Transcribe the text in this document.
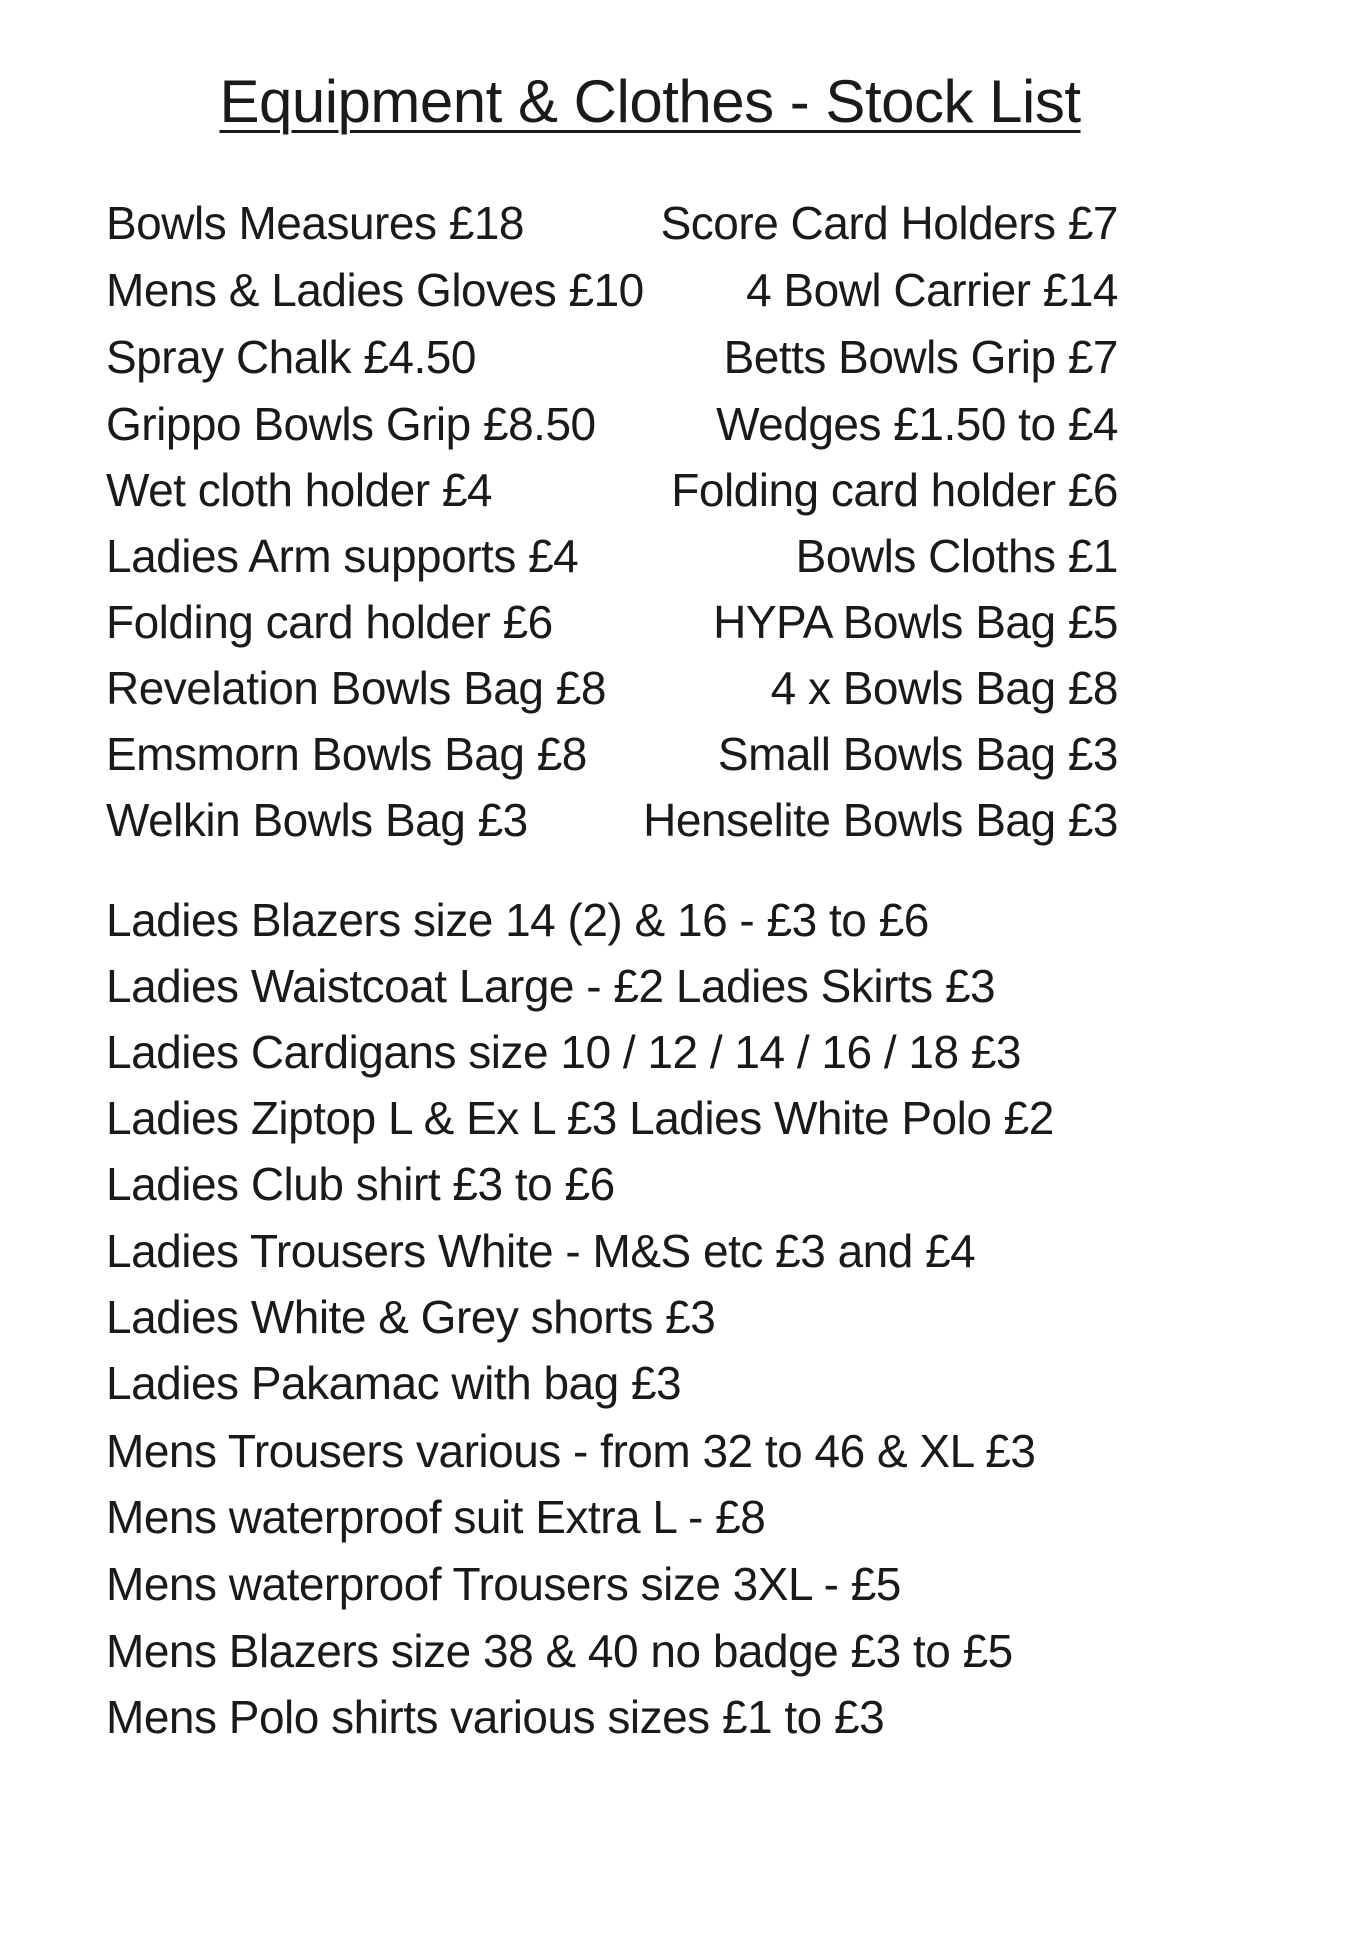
Equipment & Clothes - Stock List
Bowls Measures £18	Score Card Holders £7
Mens & Ladies Gloves £10 4 Bowl Carrier £14
Spray Chalk £4.50	Betts Bowls Grip £7
Grippo Bowls Grip £8.50	Wedges £1.50 to £4
Wet cloth holder £4	Folding card holder £6
Ladies Arm supports £4	Bowls Cloths £1
Folding card holder £6	HYPA Bowls Bag £5
Revelation Bowls Bag £8	4 x Bowls Bag £8
Emsmorn Bowls Bag £8	Small Bowls Bag £3
Welkin Bowls Bag £3	Henselite Bowls Bag £3
Ladies Blazers size 14 (2) & 16 - £3 to £6
Ladies Waistcoat Large - £2 Ladies Skirts £3
Ladies Cardigans size 10 / 12 / 14 / 16 / 18 £3
Ladies Ziptop L & Ex L £3 Ladies White Polo £2
Ladies Club shirt £3 to £6
Ladies Trousers White - M&S etc £3 and £4
Ladies White & Grey shorts £3
Ladies Pakamac with bag £3
Mens Trousers various - from 32 to 46 & XL £3
Mens waterproof suit Extra L - £8
Mens waterproof Trousers size 3XL - £5
Mens Blazers size 38 & 40 no badge £3 to £5
Mens Polo shirts various sizes £1 to £3
